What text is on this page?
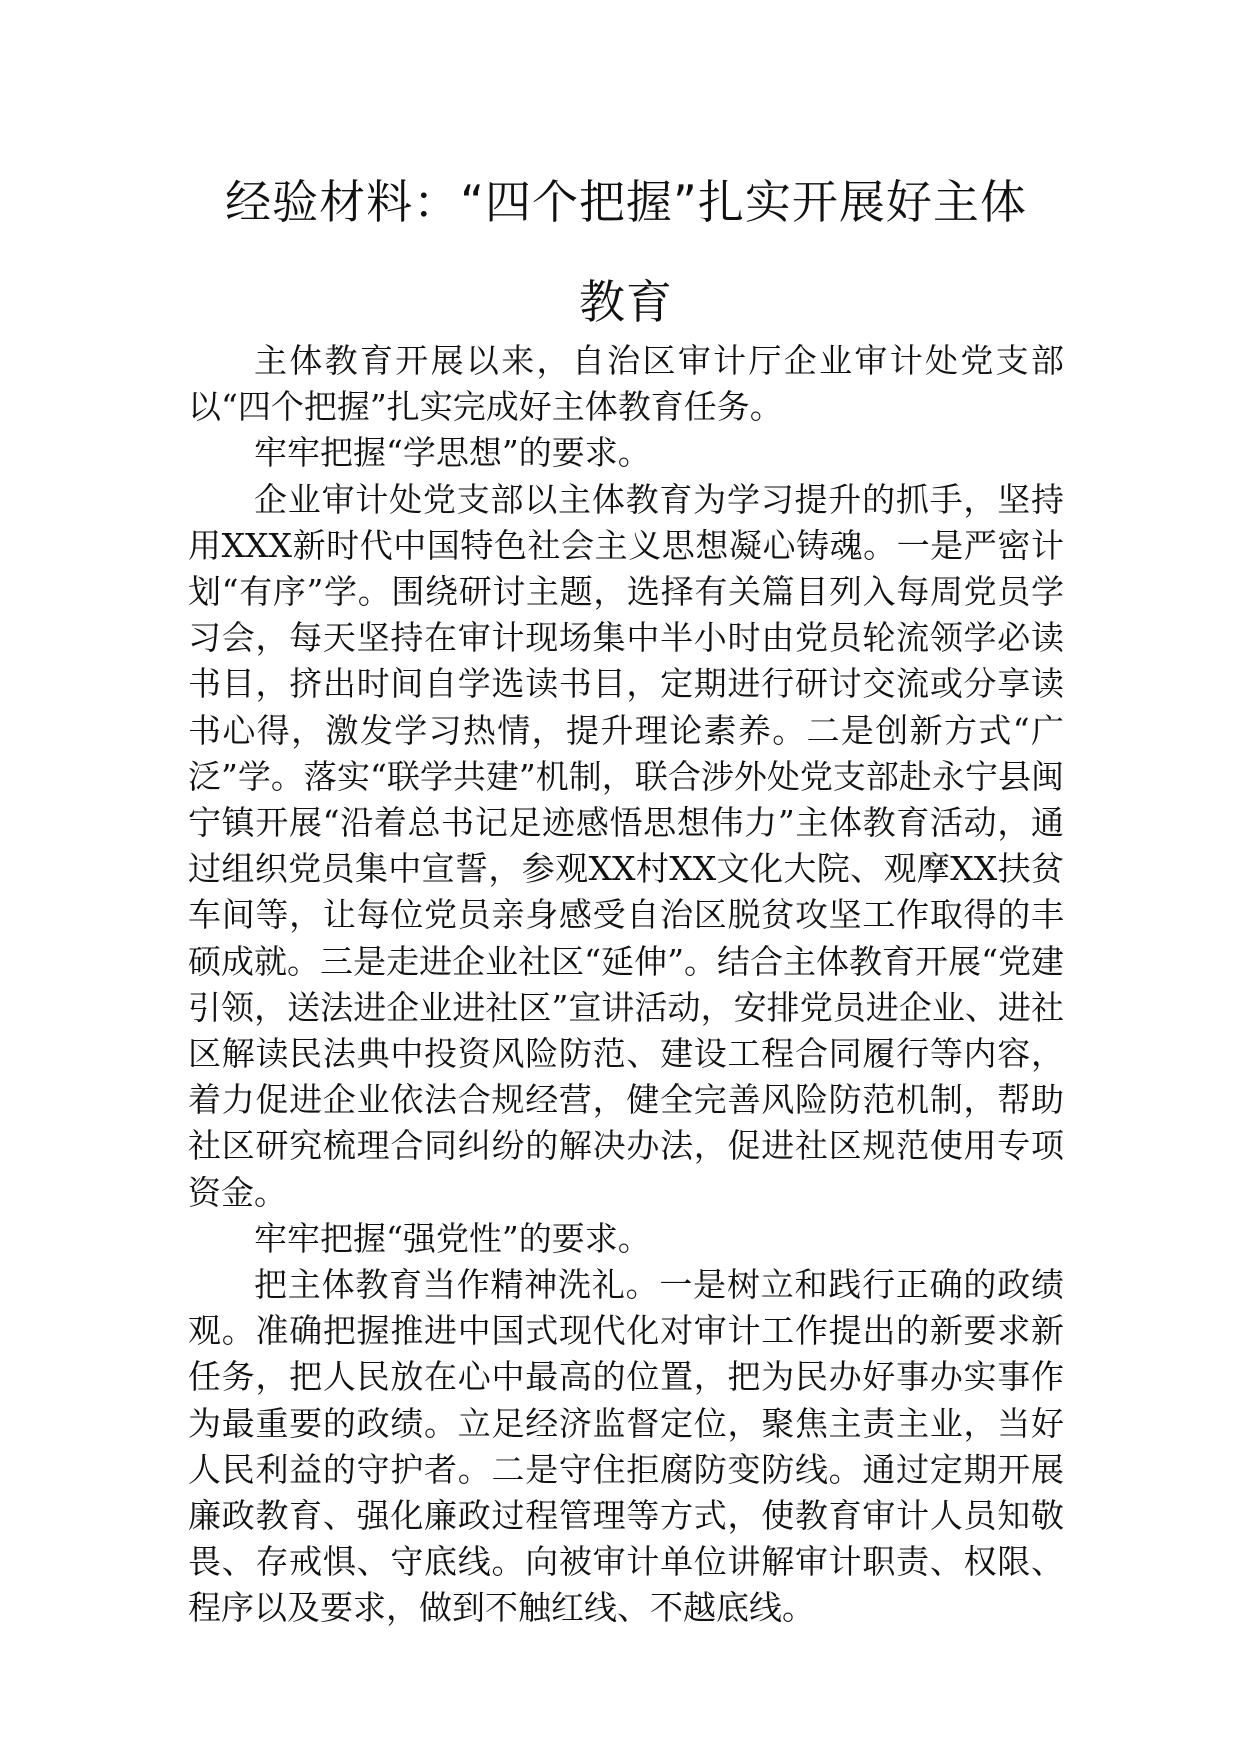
经验材料：“四个把握”扎实开展好主体
教育

主体教育开展以来，自治区审计厅企业审计处党支部以“四个把握”扎实完成好主体教育任务。

牢牢把握“学思想”的要求。

企业审计处党支部以主体教育为学习提升的抓手，坚持用XXX新时代中国特色社会主义思想凝心铸魂。一是严密计划“有序”学。围绕研讨主题，选择有关篇目列入每周党员学习会，每天坚持在审计现场集中半小时由党员轮流领学必读书目，挤出时间自学选读书目，定期进行研讨交流或分享读书心得，激发学习热情，提升理论素养。二是创新方式“广泛”学。落实“联学共建”机制，联合涉外处党支部赴永宁县闽宁镇开展“沿着总书记足迹感悟思想伟力”主体教育活动，通过组织党员集中宣誓，参观XX村XX文化大院、观摩XX扶贫车间等，让每位党员亲身感受自治区脱贫攻坚工作取得的丰硕成就。三是走进企业社区“延伸”。结合主体教育开展“党建引领，送法进企业进社区”宣讲活动，安排党员进企业、进社区解读民法典中投资风险防范、建设工程合同履行等内容，着力促进企业依法合规经营，健全完善风险防范机制，帮助社区研究梳理合同纠纷的解决办法，促进社区规范使用专项资金。

牢牢把握“强党性”的要求。

把主体教育当作精神洗礼。一是树立和践行正确的政绩观。准确把握推进中国式现代化对审计工作提出的新要求新任务，把人民放在心中最高的位置，把为民办好事办实事作为最重要的政绩。立足经济监督定位，聚焦主责主业，当好人民利益的守护者。二是守住拒腐防变防线。通过定期开展廉政教育、强化廉政过程管理等方式，使教育审计人员知敬畏、存戒惧、守底线。向被审计单位讲解审计职责、权限、程序以及要求，做到不触红线、不越底线。
